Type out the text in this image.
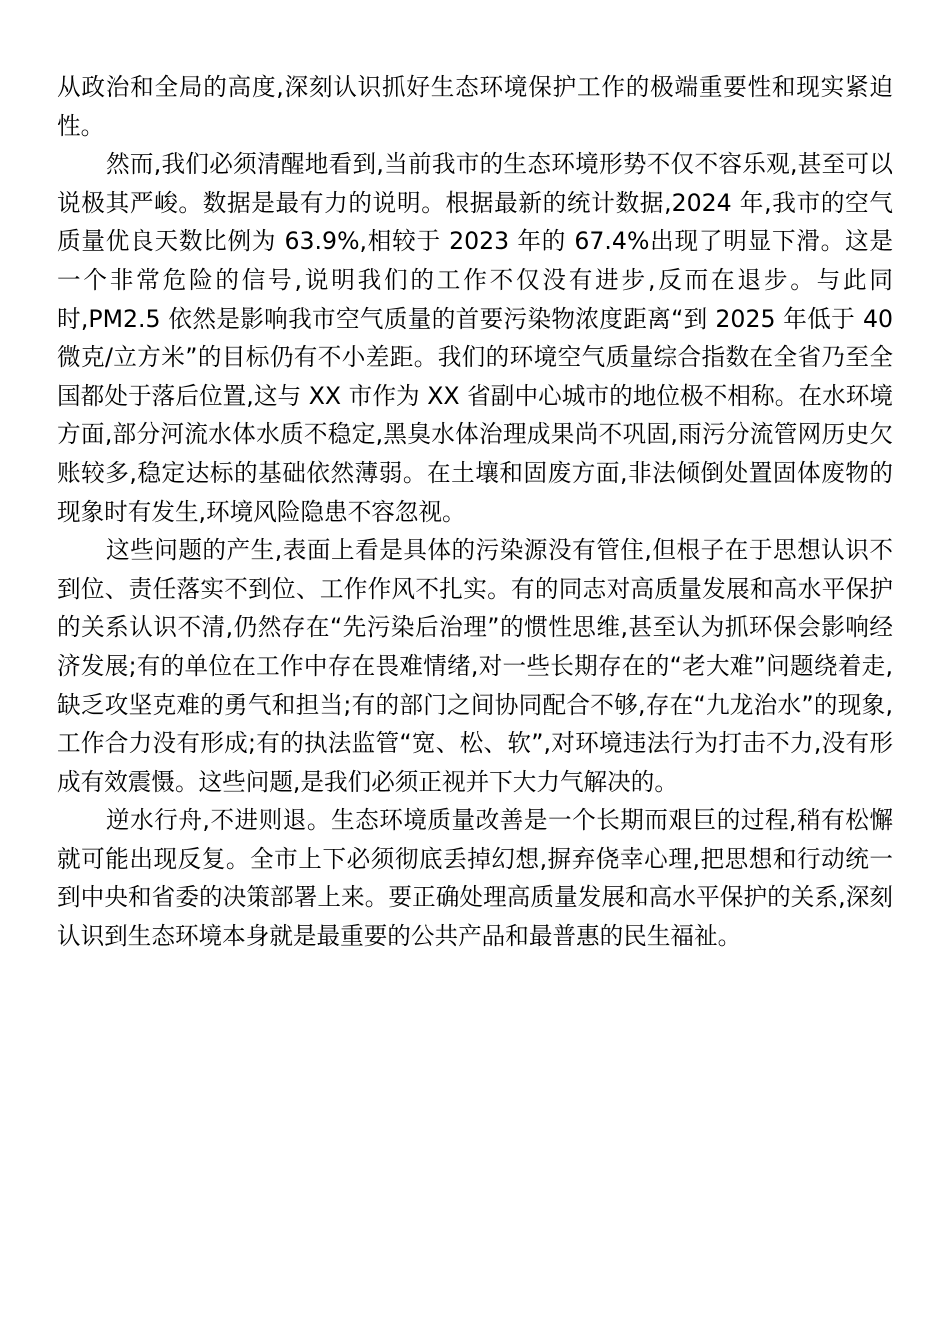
从政治和全局的高度,深刻认识抓好生态环境保护工作的极端重要性和现实紧迫性。

然而,我们必须清醒地看到,当前我市的生态环境形势不仅不容乐观,甚至可以说极其严峻。数据是最有力的说明。根据最新的统计数据,2024 年,我市的空气质量优良天数比例为 63.9%,相较于 2023 年的 67.4%出现了明显下滑。这是一个非常危险的信号,说明我们的工作不仅没有进步,反而在退步。与此同时,PM2.5 依然是影响我市空气质量的首要污染物浓度距离“到 2025 年低于 40 微克/立方米”的目标仍有不小差距。我们的环境空气质量综合指数在全省乃至全国都处于落后位置,这与 XX 市作为 XX 省副中心城市的地位极不相称。在水环境方面,部分河流水体水质不稳定,黑臭水体治理成果尚不巩固,雨污分流管网历史欠账较多,稳定达标的基础依然薄弱。在土壤和固废方面,非法倾倒处置固体废物的现象时有发生,环境风险隐患不容忽视。

这些问题的产生,表面上看是具体的污染源没有管住,但根子在于思想认识不到位、责任落实不到位、工作作风不扎实。有的同志对高质量发展和高水平保护的关系认识不清,仍然存在“先污染后治理”的惯性思维,甚至认为抓环保会影响经济发展;有的单位在工作中存在畏难情绪,对一些长期存在的“老大难”问题绕着走,缺乏攻坚克难的勇气和担当;有的部门之间协同配合不够,存在“九龙治水”的现象,工作合力没有形成;有的执法监管“宽、松、软”,对环境违法行为打击不力,没有形成有效震慑。这些问题,是我们必须正视并下大力气解决的。

逆水行舟,不进则退。生态环境质量改善是一个长期而艰巨的过程,稍有松懈就可能出现反复。全市上下必须彻底丢掉幻想,摒弃侥幸心理,把思想和行动统一到中央和省委的决策部署上来。要正确处理高质量发展和高水平保护的关系,深刻认识到生态环境本身就是最重要的公共产品和最普惠的民生福祉。
